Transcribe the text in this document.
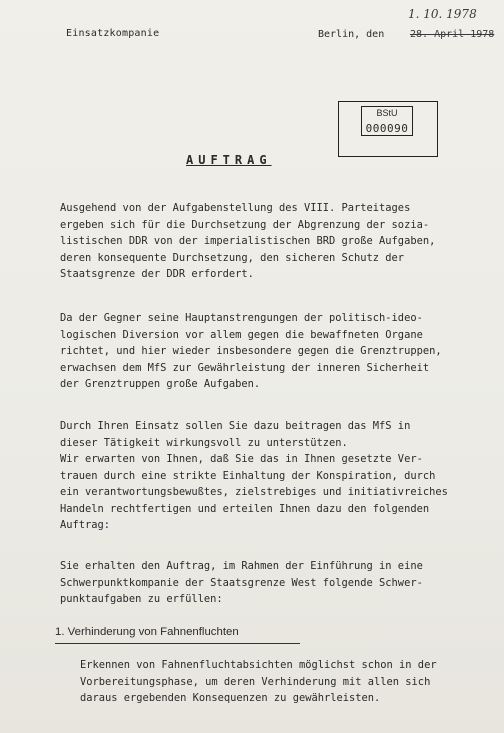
Einsatzkompanie
1. 10. 1978
Berlin, den	28. April 1978
BStU
000090
AUFTRAG
Ausgehend von der Aufgabenstellung des VIII. Parteitages
ergeben sich für die Durchsetzung der Abgrenzung der sozia-
listischen DDR von der imperialistischen BRD große Aufgaben,
deren konsequente Durchsetzung, den sicheren Schutz der
Staatsgrenze der DDR erfordert.
Da der Gegner seine Hauptanstrengungen der politisch-ideo-
logischen Diversion vor allem gegen die bewaffneten Organe
richtet, und hier wieder insbesondere gegen die Grenztruppen,
erwachsen dem MfS zur Gewährleistung der inneren Sicherheit
der Grenztruppen große Aufgaben.
Durch Ihren Einsatz sollen Sie dazu beitragen das MfS in
dieser Tätigkeit wirkungsvoll zu unterstützen.
Wir erwarten von Ihnen, daß Sie das in Ihnen gesetzte Ver-
trauen durch eine strikte Einhaltung der Konspiration, durch
ein verantwortungsbewußtes, zielstrebiges und initiativreiches
Handeln rechtfertigen und erteilen Ihnen dazu den folgenden
Auftrag:
Sie erhalten den Auftrag, im Rahmen der Einführung in eine
Schwerpunktkompanie der Staatsgrenze West folgende Schwer-
punktaufgaben zu erfüllen:
1. Verhinderung von Fahnenfluchten
Erkennen von Fahnenfluchtabsichten möglichst schon in der
Vorbereitungsphase, um deren Verhinderung mit allen sich
daraus ergebenden Konsequenzen zu gewährleisten.
